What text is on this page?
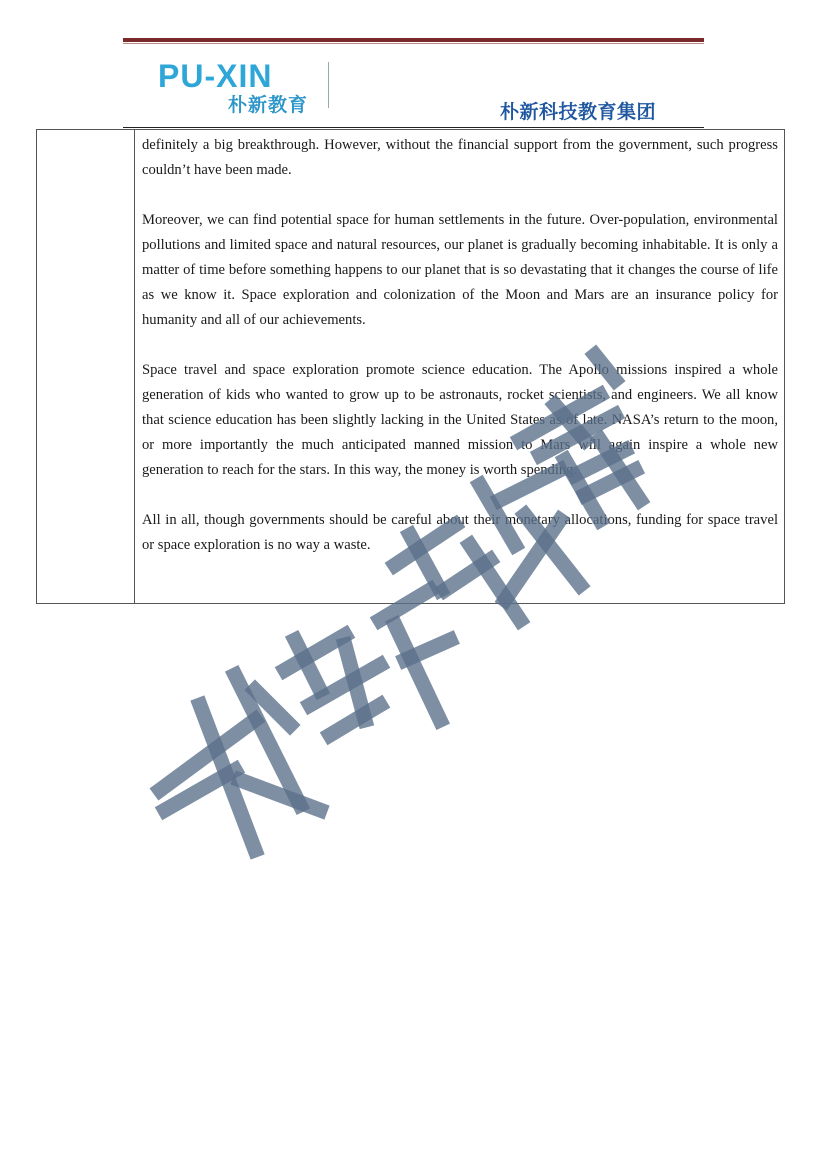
PU-XIN
朴新教育	朴新科技教育集团

definitely a big breakthrough. However, without the financial support from the government, such progress couldn’t have been made.

Moreover, we can find potential space for human settlements in the future. Over-population, environmental pollutions and limited space and natural resources, our planet is gradually becoming inhabitable. It is only a matter of time before something happens to our planet that is so devastating that it changes the course of life as we know it. Space exploration and colonization of the Moon and Mars are an insurance policy for humanity and all of our achievements.

Space travel and space exploration promote science education. The Apollo missions inspired a whole generation of kids who wanted to grow up to be astronauts, rocket scientists, and engineers. We all know that science education has been slightly lacking in the United States as of late. NASA’s return to the moon, or more importantly the much anticipated manned mission to Mars will again inspire a whole new generation to reach for the stars. In this way, the money is worth spending.

All in all, though governments should be careful about their monetary allocations, funding for space travel or space exploration is no way a waste.
